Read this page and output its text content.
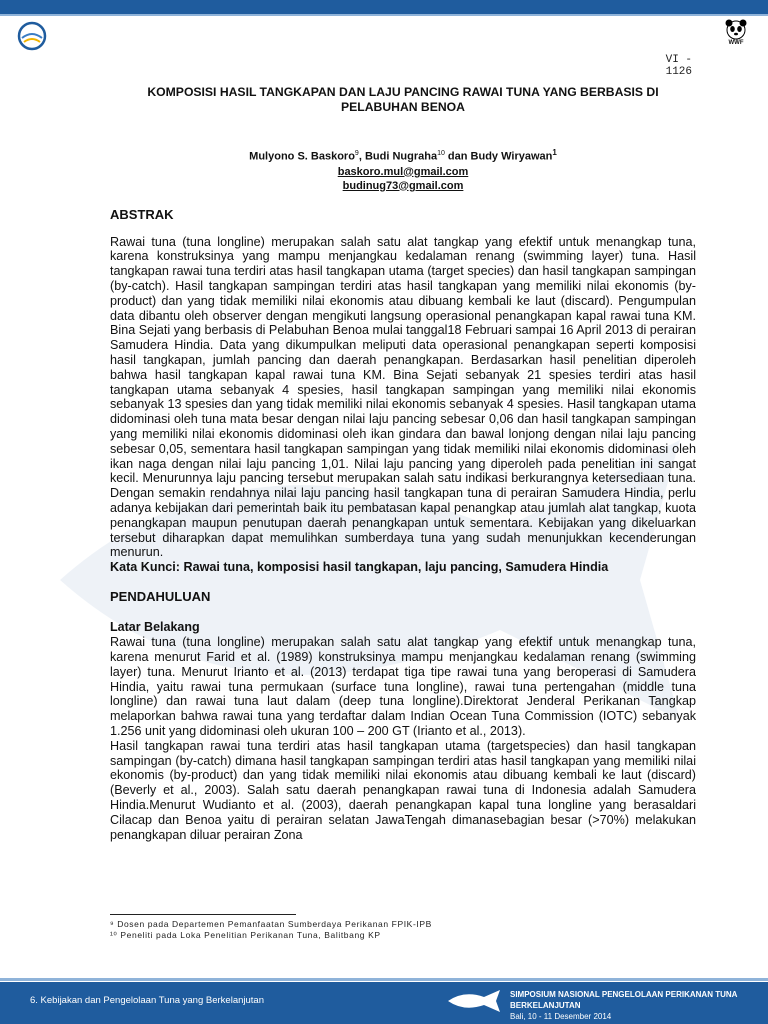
WWF
VI - 1126
KOMPOSISI HASIL TANGKAPAN DAN LAJU PANCING RAWAI TUNA YANG BERBASIS DI PELABUHAN BENOA
Mulyono S. Baskoro$^9$, Budi Nugraha$^{10}$ dan Budy Wiryawan$^1$
baskoro.mul@gmail.com
budinug73@gmail.com
ABSTRAK

Rawai tuna (tuna longline) merupakan salah satu alat tangkap yang efektif untuk menangkap tuna, karena konstruksinya yang mampu menjangkau kedalaman renang (swimming layer) tuna. Hasil tangkapan rawai tuna terdiri atas hasil tangkapan utama (target species) dan hasil tangkapan sampingan (by-catch). Hasil tangkapan sampingan terdiri atas hasil tangkapan yang memiliki nilai ekonomis (by-product) dan yang tidak memiliki nilai ekonomis atau dibuang kembali ke laut (discard). Pengumpulan data dibantu oleh observer dengan mengikuti langsung operasional penangkapan kapal rawai tuna KM. Bina Sejati yang berbasis di Pelabuhan Benoa mulai tanggal18 Februari sampai 16 April 2013 di perairan Samudera Hindia. Data yang dikumpulkan meliputi data operasional penangkapan seperti komposisi hasil tangkapan, jumlah pancing dan daerah penangkapan. Berdasarkan hasil penelitian diperoleh bahwa hasil tangkapan kapal rawai tuna KM. Bina Sejati sebanyak 21 spesies terdiri atas hasil tangkapan utama sebanyak 4 spesies, hasil tangkapan sampingan yang memiliki nilai ekonomis sebanyak 13 spesies dan yang tidak memiliki nilai ekonomis sebanyak 4 spesies. Hasil tangkapan utama didominasi oleh tuna mata besar dengan nilai laju pancing sebesar 0,06 dan hasil tangkapan sampingan yang memiliki nilai ekonomis didominasi oleh ikan gindara dan bawal lonjong dengan nilai laju pancing sebesar 0,05, sementara hasil tangkapan sampingan yang tidak memiliki nilai ekonomis didominasi oleh ikan naga dengan nilai laju pancing 1,01. Nilai laju pancing yang diperoleh pada penelitian ini sangat kecil. Menurunnya laju pancing tersebut merupakan salah satu indikasi berkurangnya ketersediaan tuna. Dengan semakin rendahnya nilai laju pancing hasil tangkapan tuna di perairan Samudera Hindia, perlu adanya kebijakan dari pemerintah baik itu pembatasan kapal penangkap atau jumlah alat tangkap, kuota penangkapan maupun penutupan daerah penangkapan untuk sementara. Kebijakan yang dikeluarkan tersebut diharapkan dapat memulihkan sumberdaya tuna yang sudah menunjukkan kecenderungan menurun.

Kata Kunci: Rawai tuna, komposisi hasil tangkapan, laju pancing, Samudera Hindia
PENDAHULUAN
Latar Belakang

Rawai tuna (tuna longline) merupakan salah satu alat tangkap yang efektif untuk menangkap tuna, karena menurut Farid et al. (1989) konstruksinya mampu menjangkau kedalaman renang (swimming layer) tuna. Menurut Irianto et al. (2013) terdapat tiga tipe rawai tuna yang beroperasi di Samudera Hindia, yaitu rawai tuna permukaan (surface tuna longline), rawai tuna pertengahan (middle tuna longline) dan rawai tuna laut dalam (deep tuna longline).Direktorat Jenderal Perikanan Tangkap melaporkan bahwa rawai tuna yang terdaftar dalam Indian Ocean Tuna Commission (IOTC) sebanyak 1.256 unit yang didominasi oleh ukuran 100 – 200 GT (Irianto et al., 2013).

Hasil tangkapan rawai tuna terdiri atas hasil tangkapan utama (targetspecies) dan hasil tangkapan sampingan (by-catch) dimana hasil tangkapan sampingan terdiri atas hasil tangkapan yang memiliki nilai ekonomis (by-product) dan yang tidak memiliki nilai ekonomis atau dibuang kembali ke laut (discard) (Beverly et al., 2003). Salah satu daerah penangkapan rawai tuna di Indonesia adalah Samudera Hindia.Menurut Wudianto et al. (2003), daerah penangkapan kapal tuna longline yang berasaldari Cilacap dan Benoa yaitu di perairan selatan JawaTengah dimanasebagian besar (>70%) melakukan penangkapan diluar perairan Zona

⁹ Dosen pada Departemen Pemanfaatan Sumberdaya Perikanan FPIK-IPB
¹⁰ Peneliti pada Loka Penelitian Perikanan Tuna, Balitbang KP
6. Kebijakan dan Pengelolaan Tuna yang Berkelanjutan
SIMPOSIUM NASIONAL PENGELOLAAN PERIKANAN TUNA BERKELANJUTAN
Bali, 10 - 11 Desember 2014
